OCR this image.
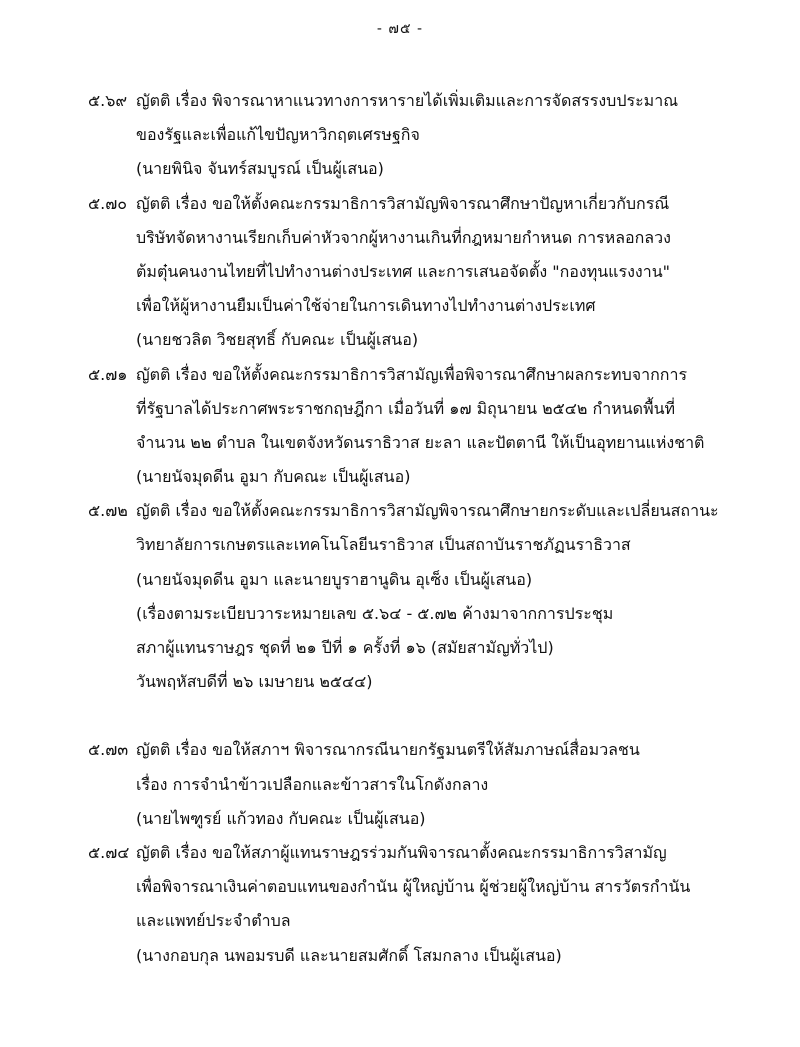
- ๗๕ -
๕.๖๙ ญัตติ เรื่อง พิจารณาหาแนวทางการหารายได้เพิ่มเติมและการจัดสรรงบประมาณ
ของรัฐและเพื่อแก้ไขปัญหาวิกฤตเศรษฐกิจ
(นายพินิจ จันทร์สมบูรณ์ เป็นผู้เสนอ)
๕.๗๐ ญัตติ เรื่อง ขอให้ตั้งคณะกรรมาธิการวิสามัญพิจารณาศึกษาปัญหาเกี่ยวกับกรณี
บริษัทจัดหางานเรียกเก็บค่าหัวจากผู้หางานเกินที่กฎหมายกำหนด การหลอกลวง
ต้มตุ๋นคนงานไทยที่ไปทำงานต่างประเทศ และการเสนอจัดตั้ง "กองทุนแรงงาน"
เพื่อให้ผู้หางานยืมเป็นค่าใช้จ่ายในการเดินทางไปทำงานต่างประเทศ
(นายชวลิต วิชยสุทธิ์ กับคณะ เป็นผู้เสนอ)
๕.๗๑ ญัตติ เรื่อง ขอให้ตั้งคณะกรรมาธิการวิสามัญเพื่อพิจารณาศึกษาผลกระทบจากการ
ที่รัฐบาลได้ประกาศพระราชกฤษฎีกา เมื่อวันที่ ๑๗ มิถุนายน ๒๕๔๒ กำหนดพื้นที่
จำนวน ๒๒ ตำบล ในเขตจังหวัดนราธิวาส ยะลา และปัตตานี ให้เป็นอุทยานแห่งชาติ
(นายนัจมุดดีน อูมา กับคณะ เป็นผู้เสนอ)
๕.๗๒ ญัตติ เรื่อง ขอให้ตั้งคณะกรรมาธิการวิสามัญพิจารณาศึกษายกระดับและเปลี่ยนสถานะ
วิทยาลัยการเกษตรและเทคโนโลยีนราธิวาส เป็นสถาบันราชภัฏนราธิวาส
(นายนัจมุดดีน อูมา และนายบูราฮานูดิน อุเซ็ง เป็นผู้เสนอ)
(เรื่องตามระเบียบวาระหมายเลข ๕.๖๔ - ๕.๗๒ ค้างมาจากการประชุม
สภาผู้แทนราษฎร ชุดที่ ๒๑ ปีที่ ๑ ครั้งที่ ๑๖ (สมัยสามัญทั่วไป)
วันพฤหัสบดีที่ ๒๖ เมษายน ๒๕๔๔)
๕.๗๓ ญัตติ เรื่อง ขอให้สภาฯ พิจารณากรณีนายกรัฐมนตรีให้สัมภาษณ์สื่อมวลชน
เรื่อง การจำนำข้าวเปลือกและข้าวสารในโกดังกลาง
(นายไพฑูรย์ แก้วทอง กับคณะ เป็นผู้เสนอ)
๕.๗๔ ญัตติ เรื่อง ขอให้สภาผู้แทนราษฎรร่วมกันพิจารณาตั้งคณะกรรมาธิการวิสามัญ
เพื่อพิจารณาเงินค่าตอบแทนของกำนัน ผู้ใหญ่บ้าน ผู้ช่วยผู้ใหญ่บ้าน สารวัตรกำนัน
และแพทย์ประจำตำบล
(นางกอบกุล นพอมรบดี และนายสมศักดิ์ โสมกลาง เป็นผู้เสนอ)
